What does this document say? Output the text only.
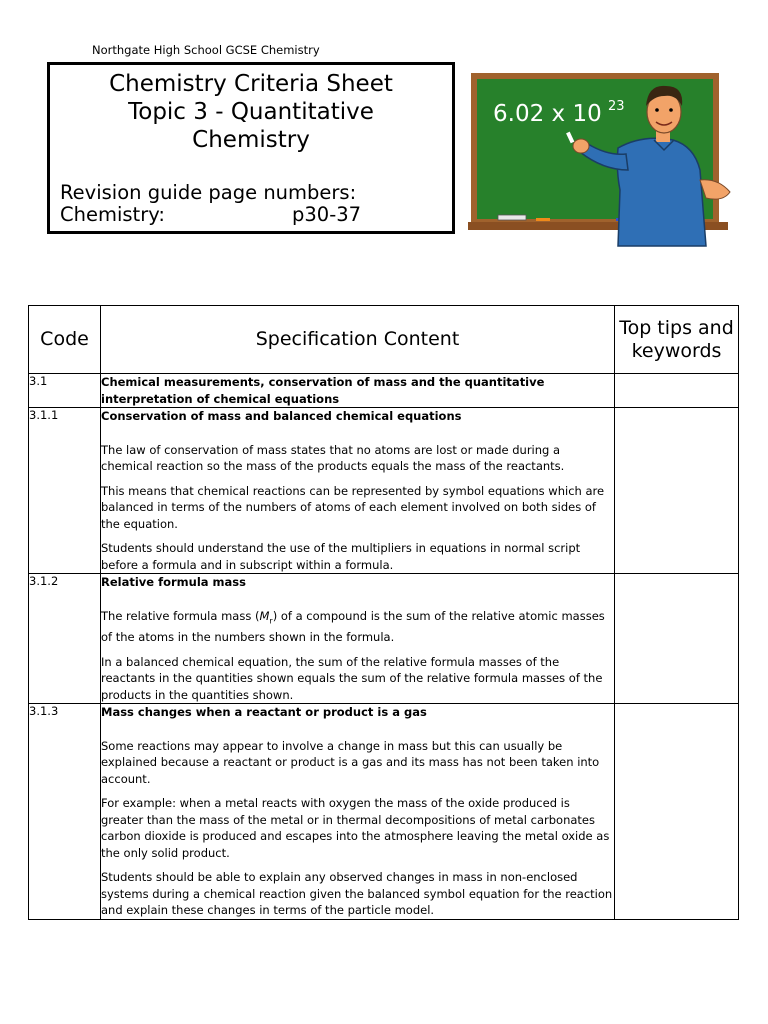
Northgate High School GCSE Chemistry
Chemistry Criteria Sheet
Topic 3 - Quantitative
Chemistry
Revision guide page numbers:
Chemistry:	p30-37
6.02 x 10 23
Code	Specification Content	Top tips and keywords
3.1	Chemical measurements, conservation of mass and the quantitative interpretation of chemical equations	

3.1.1	Conservation of mass and balanced chemical equations

The law of conservation of mass states that no atoms are lost or made during a chemical reaction so the mass of the products equals the mass of the reactants.

This means that chemical reactions can be represented by symbol equations which are balanced in terms of the numbers of atoms of each element involved on both sides of the equation.

Students should understand the use of the multipliers in equations in normal script before a formula and in subscript within a formula.	

3.1.2	Relative formula mass

The relative formula mass $(M_r)$ of a compound is the sum of the relative atomic masses of the atoms in the numbers shown in the formula.

In a balanced chemical equation, the sum of the relative formula masses of the reactants in the quantities shown equals the sum of the relative formula masses of the products in the quantities shown.	

3.1.3	Mass changes when a reactant or product is a gas

Some reactions may appear to involve a change in mass but this can usually be explained because a reactant or product is a gas and its mass has not been taken into account.

For example: when a metal reacts with oxygen the mass of the oxide produced is greater than the mass of the metal or in thermal decompositions of metal carbonates carbon dioxide is produced and escapes into the atmosphere leaving the metal oxide as the only solid product.

Students should be able to explain any observed changes in mass in non-enclosed systems during a chemical reaction given the balanced symbol equation for the reaction and explain these changes in terms of the particle model.	
